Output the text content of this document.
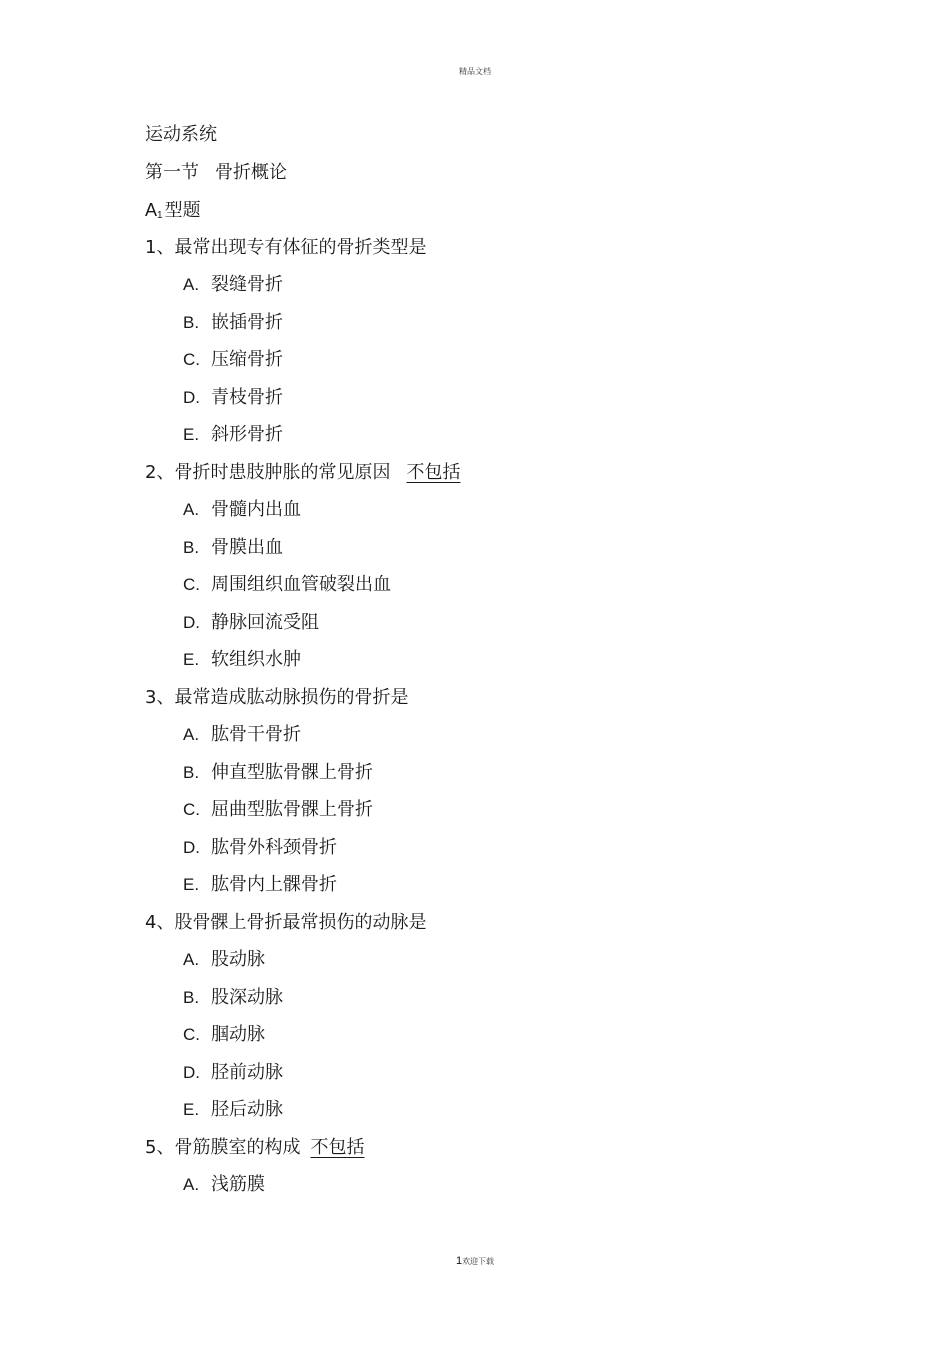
精品文档
运动系统
第一节 骨折概论
$A_1$ 型题
1、最常出现专有体征的骨折类型是
A. 裂缝骨折
B. 嵌插骨折
C. 压缩骨折
D. 青枝骨折
E. 斜形骨折
2、骨折时患肢肿胀的常见原因 不包括
A. 骨髓内出血
B. 骨膜出血
C. 周围组织血管破裂出血
D. 静脉回流受阻
E. 软组织水肿
3、最常造成肱动脉损伤的骨折是
A. 肱骨干骨折
B. 伸直型肱骨髁上骨折
C. 屈曲型肱骨髁上骨折
D. 肱骨外科颈骨折
E. 肱骨内上髁骨折
4、股骨髁上骨折最常损伤的动脉是
A. 股动脉
B. 股深动脉
C. 腘动脉
D. 胫前动脉
E. 胫后动脉
5、骨筋膜室的构成 不包括
A. 浅筋膜
1欢迎下载
